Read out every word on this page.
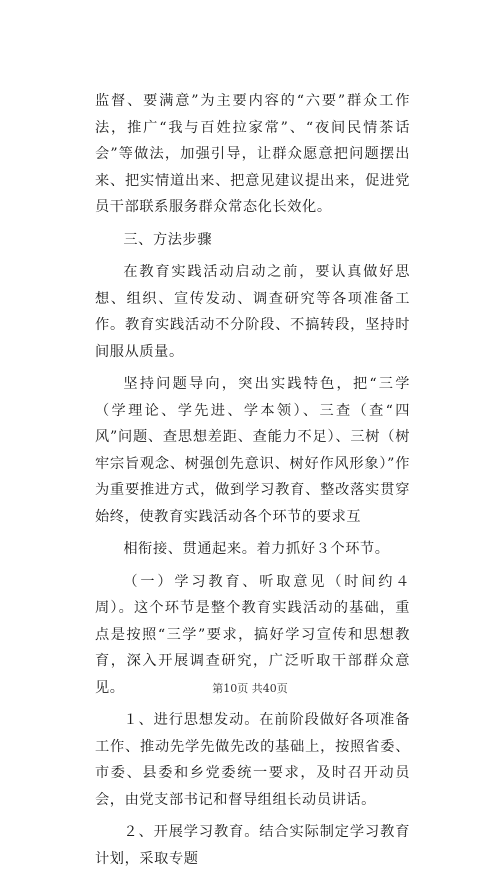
监督、要满意”为主要内容的“六要”群众工作法，推广“我与百姓拉家常”、“夜间民情茶话会”等做法，加强引导，让群众愿意把问题摆出来、把实情道出来、把意见建议提出来，促进党员干部联系服务群众常态化长效化。

三、方法步骤

在教育实践活动启动之前，要认真做好思想、组织、宣传发动、调查研究等各项准备工作。教育实践活动不分阶段、不搞转段，坚持时间服从质量。

坚持问题导向，突出实践特色，把“三学（学理论、学先进、学本领）、三查（查“四风”问题、查思想差距、查能力不足）、三树（树牢宗旨观念、树强创先意识、树好作风形象）”作为重要推进方式，做到学习教育、整改落实贯穿始终，使教育实践活动各个环节的要求互

相衔接、贯通起来。着力抓好３个环节。

（一）学习教育、听取意见（时间约４周）。这个环节是整个教育实践活动的基础，重点是按照“三学”要求，搞好学习宣传和思想教育，深入开展调查研究，广泛听取干部群众意见。

１、进行思想发动。在前阶段做好各项准备工作、推动先学先做先改的基础上，按照省委、市委、县委和乡党委统一要求，及时召开动员会，由党支部书记和督导组组长动员讲话。

２、开展学习教育。结合实际制定学习教育计划，采取专题

第10页 共40页
